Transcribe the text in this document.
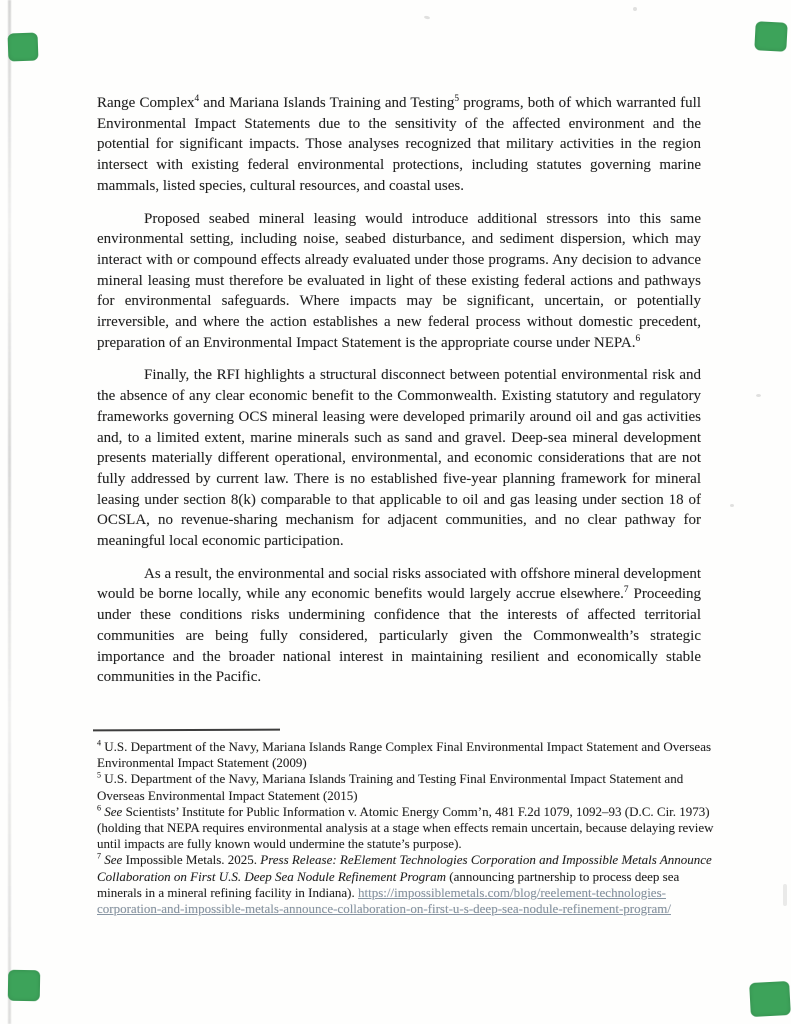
Range Complex$^4$ and Mariana Islands Training and Testing$^5$ programs, both of which warranted full Environmental Impact Statements due to the sensitivity of the affected environment and the potential for significant impacts. Those analyses recognized that military activities in the region intersect with existing federal environmental protections, including statutes governing marine mammals, listed species, cultural resources, and coastal uses.

Proposed seabed mineral leasing would introduce additional stressors into this same environmental setting, including noise, seabed disturbance, and sediment dispersion, which may interact with or compound effects already evaluated under those programs. Any decision to advance mineral leasing must therefore be evaluated in light of these existing federal actions and pathways for environmental safeguards. Where impacts may be significant, uncertain, or potentially irreversible, and where the action establishes a new federal process without domestic precedent, preparation of an Environmental Impact Statement is the appropriate course under NEPA.$^6$

Finally, the RFI highlights a structural disconnect between potential environmental risk and the absence of any clear economic benefit to the Commonwealth. Existing statutory and regulatory frameworks governing OCS mineral leasing were developed primarily around oil and gas activities and, to a limited extent, marine minerals such as sand and gravel. Deep-sea mineral development presents materially different operational, environmental, and economic considerations that are not fully addressed by current law. There is no established five-year planning framework for mineral leasing under section 8(k) comparable to that applicable to oil and gas leasing under section 18 of OCSLA, no revenue-sharing mechanism for adjacent communities, and no clear pathway for meaningful local economic participation.

As a result, the environmental and social risks associated with offshore mineral development would be borne locally, while any economic benefits would largely accrue elsewhere.$^7$ Proceeding under these conditions risks undermining confidence that the interests of affected territorial communities are being fully considered, particularly given the Commonwealth’s strategic importance and the broader national interest in maintaining resilient and economically stable communities in the Pacific.

$^4$ U.S. Department of the Navy, Mariana Islands Range Complex Final Environmental Impact Statement and Overseas Environmental Impact Statement (2009)
$^5$ U.S. Department of the Navy, Mariana Islands Training and Testing Final Environmental Impact Statement and Overseas Environmental Impact Statement (2015)
$^6$ See Scientists’ Institute for Public Information v. Atomic Energy Comm’n, 481 F.2d 1079, 1092–93 (D.C. Cir. 1973) (holding that NEPA requires environmental analysis at a stage when effects remain uncertain, because delaying review until impacts are fully known would undermine the statute’s purpose).
$^7$ See Impossible Metals. 2025. Press Release: ReElement Technologies Corporation and Impossible Metals Announce Collaboration on First U.S. Deep Sea Nodule Refinement Program (announcing partnership to process deep sea minerals in a mineral refining facility in Indiana). https://impossiblemetals.com/blog/reelement-technologies-corporation-and-impossible-metals-announce-collaboration-on-first-u-s-deep-sea-nodule-refinement-program/
